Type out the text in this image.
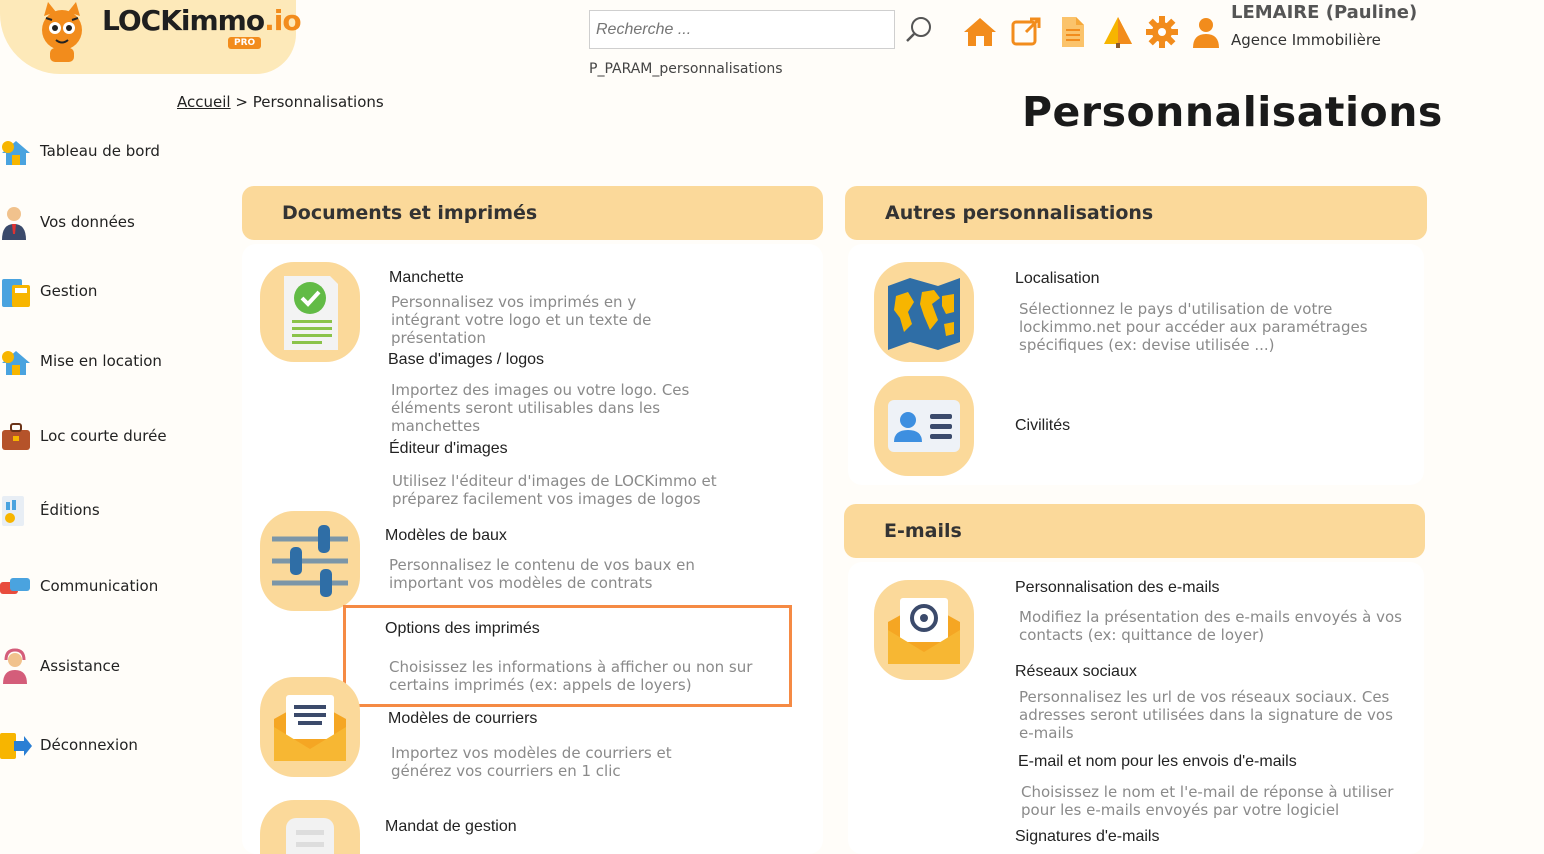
LOCKimmo.io
PRO
Recherche ...
P_PARAM_personnalisations
LEMAIRE (Pauline)
Agence Immobilière
Accueil > Personnalisations	Personnalisations
Tableau de bord
Vos données
Gestion
Mise en location
Loc courte durée
Éditions
Communication
Assistance
Déconnexion
Documents et imprimés
Manchette
Personnalisez vos imprimés en y intégrant votre logo et un texte de présentation
Base d'images / logos
Importez des images ou votre logo. Ces éléments seront utilisables dans les manchettes
Éditeur d'images
Utilisez l'éditeur d'images de LOCKimmo et préparez facilement vos images de logos
Modèles de baux
Personnalisez le contenu de vos baux en important vos modèles de contrats
Options des imprimés
Choisissez les informations à afficher ou non sur certains imprimés (ex: appels de loyers)
Modèles de courriers
Importez vos modèles de courriers et générez vos courriers en 1 clic
Mandat de gestion
Autres personnalisations
Localisation
Sélectionnez le pays d'utilisation de votre lockimmo.net pour accéder aux paramétrages spécifiques (ex: devise utilisée ...)
Civilités
E-mails
Personnalisation des e-mails
Modifiez la présentation des e-mails envoyés à vos contacts (ex: quittance de loyer)
Réseaux sociaux
Personnalisez les url de vos réseaux sociaux. Ces adresses seront utilisées dans la signature de vos e-mails
E-mail et nom pour les envois d'e-mails
Choisissez le nom et l'e-mail de réponse à utiliser pour les e-mails envoyés par votre logiciel
Signatures d'e-mails
